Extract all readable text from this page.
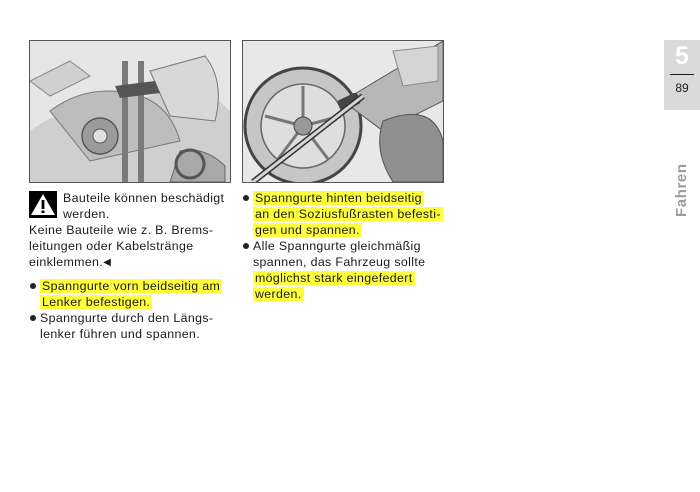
Bauteile können beschädigt
werden.
Keine Bauteile wie z. B. Brems-
leitungen oder Kabelstränge
einklemmen.◀
Spanngurte vorn beidseitig am
Lenker befestigen.
Spanngurte durch den Längs-
lenker führen und spannen.
Spanngurte hinten beidseitig
an den Soziusfußrasten befesti-
gen und spannen.
Alle Spanngurte gleichmäßig
spannen, das Fahrzeug sollte
möglichst stark eingefedert
werden.
5
89
Fahren
